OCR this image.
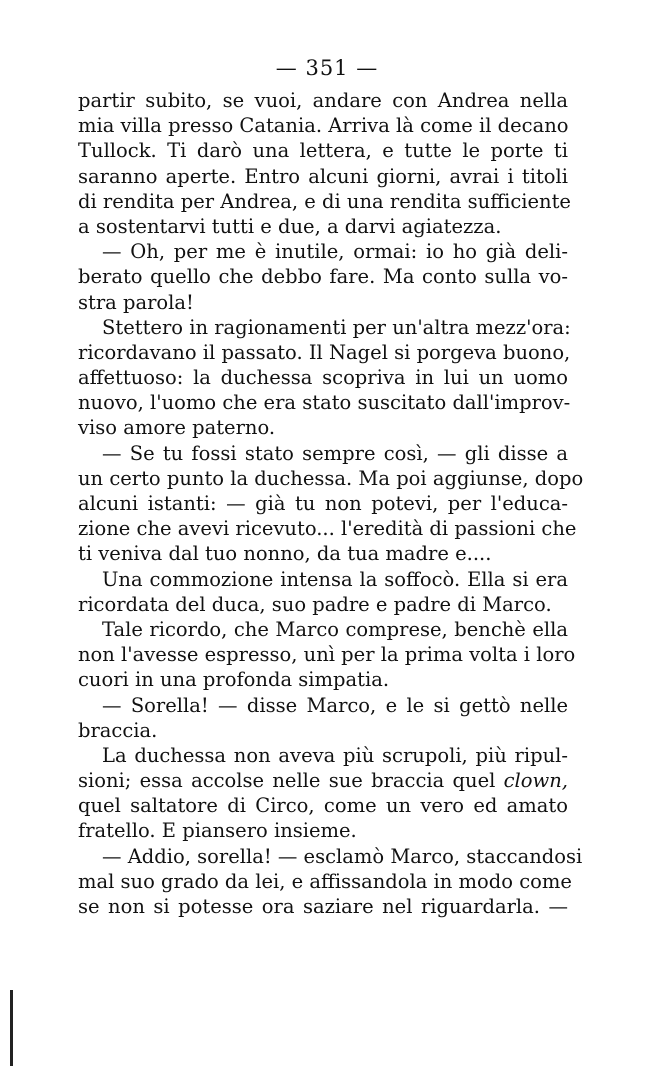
— 351 —
partir subito, se vuoi, andare con Andrea nella
mia villa presso Catania. Arriva là come il decano
Tullock. Ti darò una lettera, e tutte le porte ti
saranno aperte. Entro alcuni giorni, avrai i titoli
di rendita per Andrea, e di una rendita sufficiente
a sostentarvi tutti e due, a darvi agiatezza.
— Oh, per me è inutile, ormai: io ho già deli-
berato quello che debbo fare. Ma conto sulla vo-
stra parola!
Stettero in ragionamenti per un'altra mezz'ora:
ricordavano il passato. Il Nagel si porgeva buono,
affettuoso: la duchessa scopriva in lui un uomo
nuovo, l'uomo che era stato suscitato dall'improv-
viso amore paterno.
— Se tu fossi stato sempre così, — gli disse a
un certo punto la duchessa. Ma poi aggiunse, dopo
alcuni istanti: — già tu non potevi, per l'educa-
zione che avevi ricevuto... l'eredità di passioni che
ti veniva dal tuo nonno, da tua madre e....
Una commozione intensa la soffocò. Ella si era
ricordata del duca, suo padre e padre di Marco.
Tale ricordo, che Marco comprese, benchè ella
non l'avesse espresso, unì per la prima volta i loro
cuori in una profonda simpatia.
— Sorella! — disse Marco, e le si gettò nelle
braccia.
La duchessa non aveva più scrupoli, più ripul-
sioni; essa accolse nelle sue braccia quel clown,
quel saltatore di Circo, come un vero ed amato
fratello. E piansero insieme.
— Addio, sorella! — esclamò Marco, staccandosi
mal suo grado da lei, e affissandola in modo come
se non si potesse ora saziare nel riguardarla. —
